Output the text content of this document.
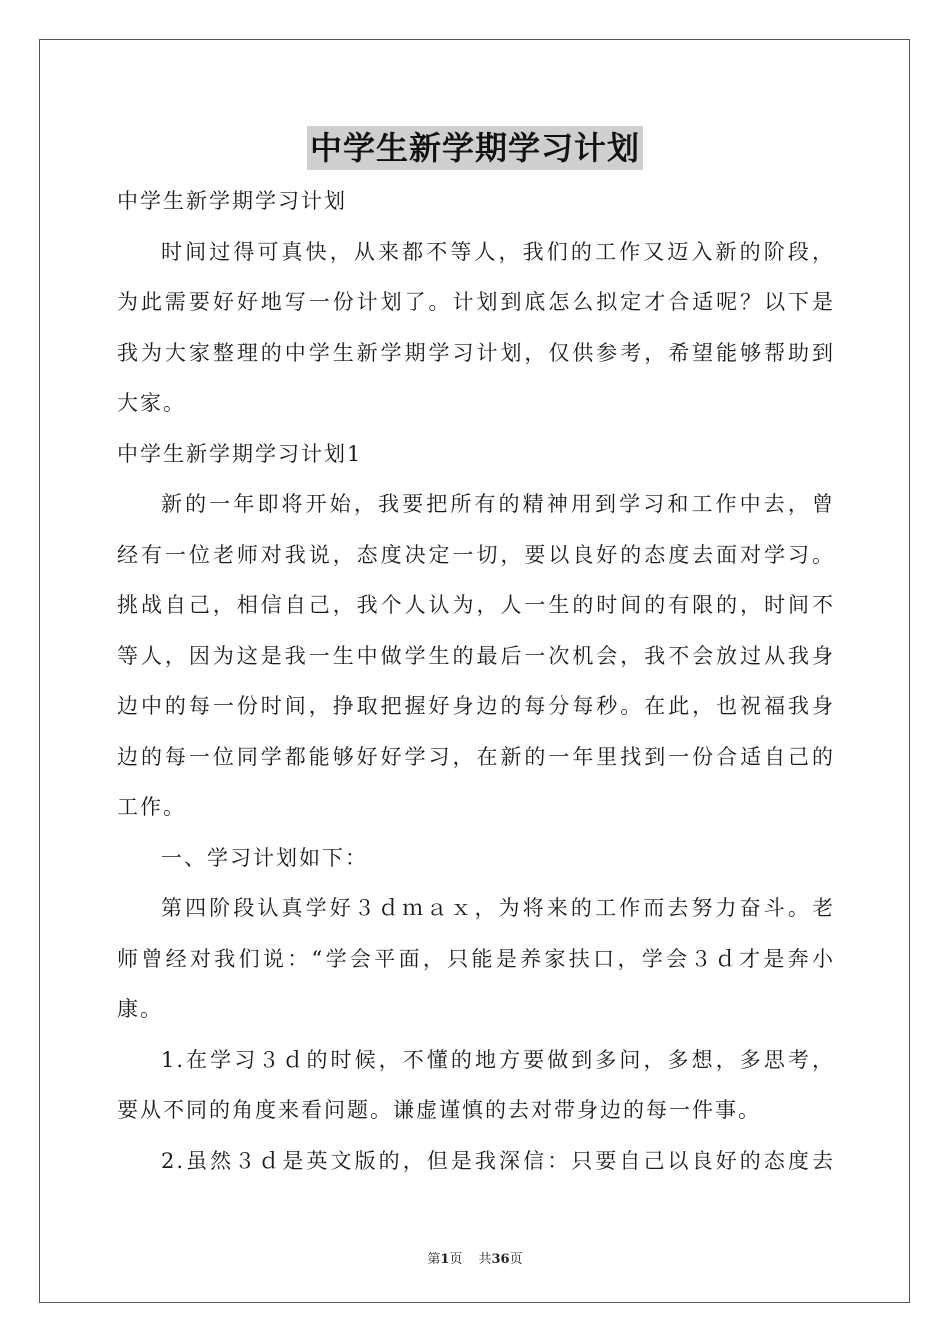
中学生新学期学习计划
中学生新学期学习计划
时间过得可真快，从来都不等人，我们的工作又迈入新的阶段，
为此需要好好地写一份计划了。计划到底怎么拟定才合适呢？以下是
我为大家整理的中学生新学期学习计划，仅供参考，希望能够帮助到
大家。
中学生新学期学习计划1
新的一年即将开始，我要把所有的精神用到学习和工作中去，曾
经有一位老师对我说，态度决定一切，要以良好的态度去面对学习。
挑战自己，相信自己，我个人认为，人一生的时间的有限的，时间不
等人，因为这是我一生中做学生的最后一次机会，我不会放过从我身
边中的每一份时间，挣取把握好身边的每分每秒。在此，也祝福我身
边的每一位同学都能够好好学习，在新的一年里找到一份合适自己的
工作。
一、学习计划如下：
第四阶段认真学好３ｄｍａｘ，为将来的工作而去努力奋斗。老
师曾经对我们说：“学会平面，只能是养家扶口，学会３ｄ才是奔小
康。
1.在学习３ｄ的时候，不懂的地方要做到多问，多想，多思考，
要从不同的角度来看问题。谦虚谨慎的去对带身边的每一件事。
2.虽然３ｄ是英文版的，但是我深信：只要自己以良好的态度去
第1页 共36页
